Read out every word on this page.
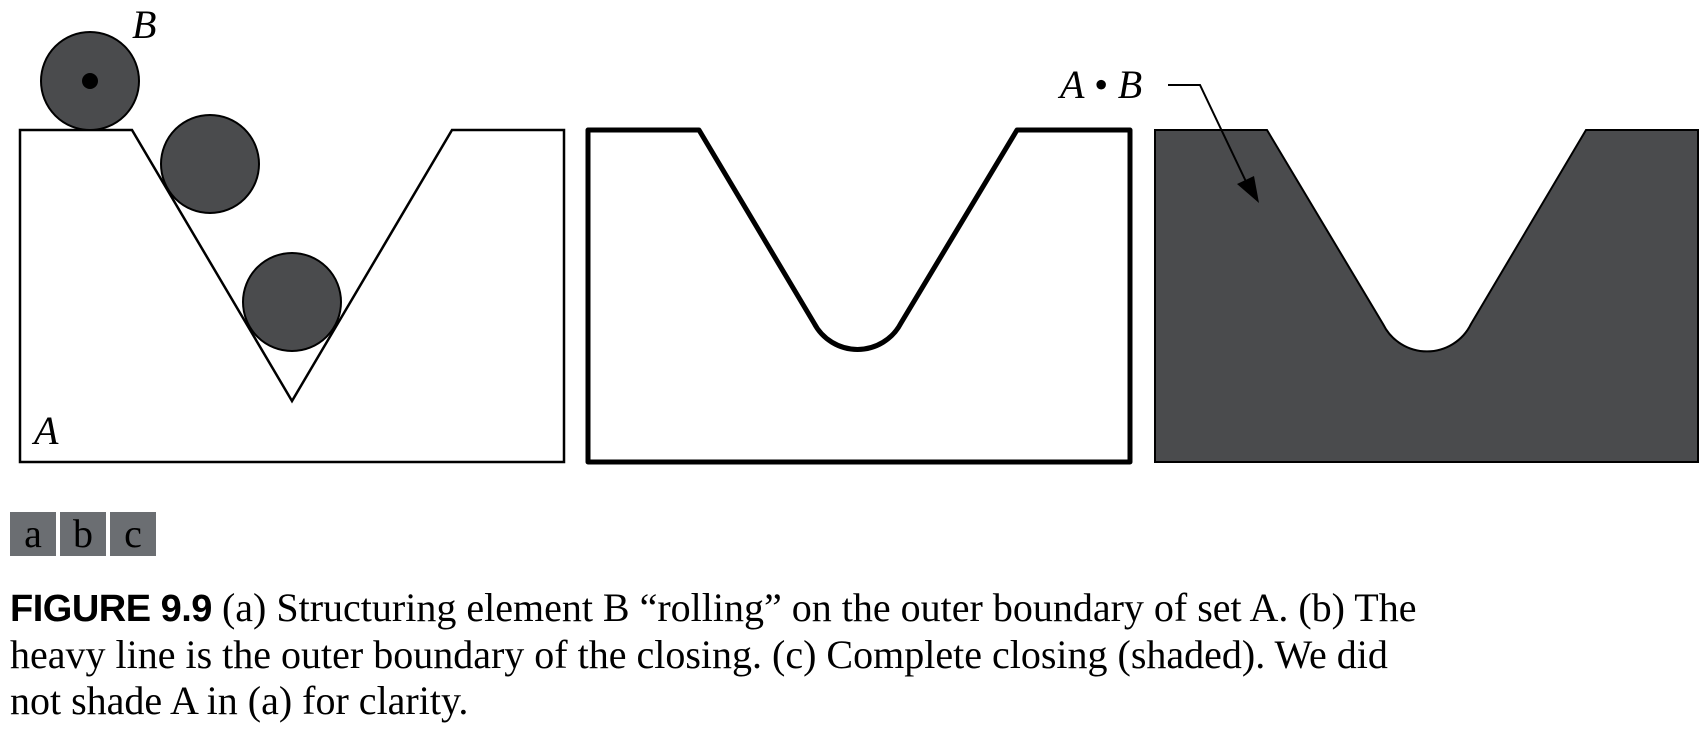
B
A
A • B
a b c

FIGURE 9.9 (a) Structuring element B “rolling” on the outer boundary of set A. (b) The
heavy line is the outer boundary of the closing. (c) Complete closing (shaded). We did
not shade A in (a) for clarity.
